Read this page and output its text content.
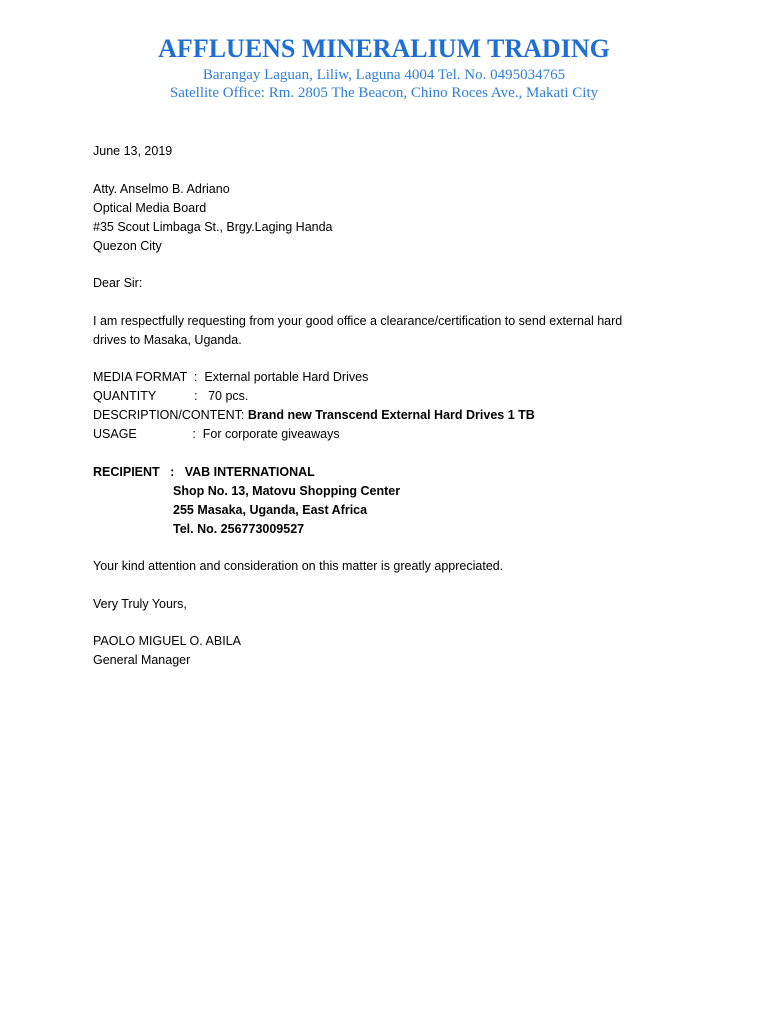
AFFLUENS MINERALIUM TRADING
Barangay Laguan, Liliw, Laguna 4004 Tel. No. 0495034765
Satellite Office: Rm. 2805 The Beacon, Chino Roces Ave., Makati City
June 13, 2019
Atty. Anselmo B. Adriano
Optical Media Board
#35 Scout Limbaga St., Brgy.Laging Handa
Quezon City
Dear Sir:
I am respectfully requesting from your good office a clearance/certification to send external hard
drives to Masaka, Uganda.
MEDIA FORMAT  : External portable Hard Drives
QUANTITY           : 70 pcs.
DESCRIPTION/CONTENT: Brand new Transcend External Hard Drives 1 TB
USAGE                : For corporate giveaways
RECIPIENT   : VAB INTERNATIONAL
Shop No. 13, Matovu Shopping Center
255 Masaka, Uganda, East Africa
Tel. No. 256773009527
Your kind attention and consideration on this matter is greatly appreciated.
Very Truly Yours,
PAOLO MIGUEL O. ABILA
General Manager
